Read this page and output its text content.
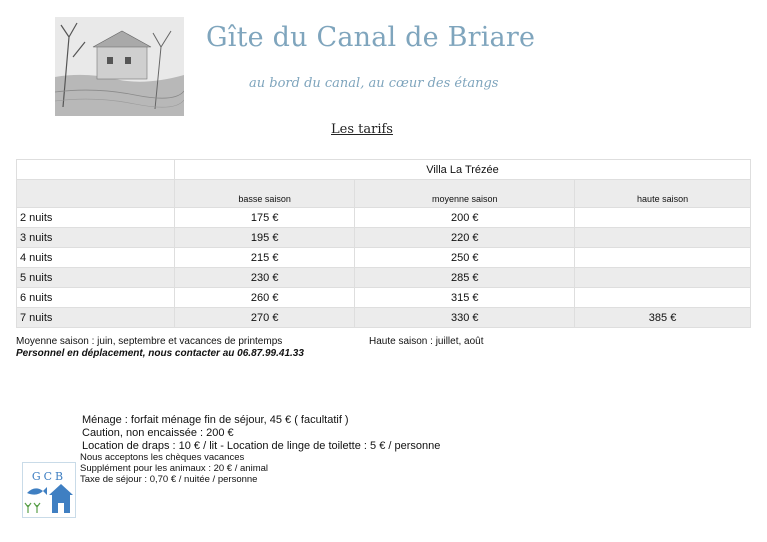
Gîte du Canal de Briare
au bord du canal, au cœur des étangs
Les tarifs
	Villa La Trézée		
	basse saison	moyenne saison	haute saison
2 nuits	175 €	200 €	
3 nuits	195 €	220 €	
4 nuits	215 €	250 €	
5 nuits	230 €	285 €	
6 nuits	260 €	315 €	
7 nuits	270 €	330 €	385 €
Moyenne saison : juin, septembre et vacances de printemps	Haute saison : juillet, août
Personnel en déplacement, nous contacter au 06.87.99.41.33
Ménage : forfait ménage fin de séjour, 45 € ( facultatif )
Caution, non encaissée : 200 €
Location de draps : 10 € / lit - Location de linge de toilette : 5 € / personne
Nous acceptons les chèques vacances
Supplément pour les animaux : 20 € / animal
Taxe de séjour : 0,70 € / nuitée / personne
GCB
